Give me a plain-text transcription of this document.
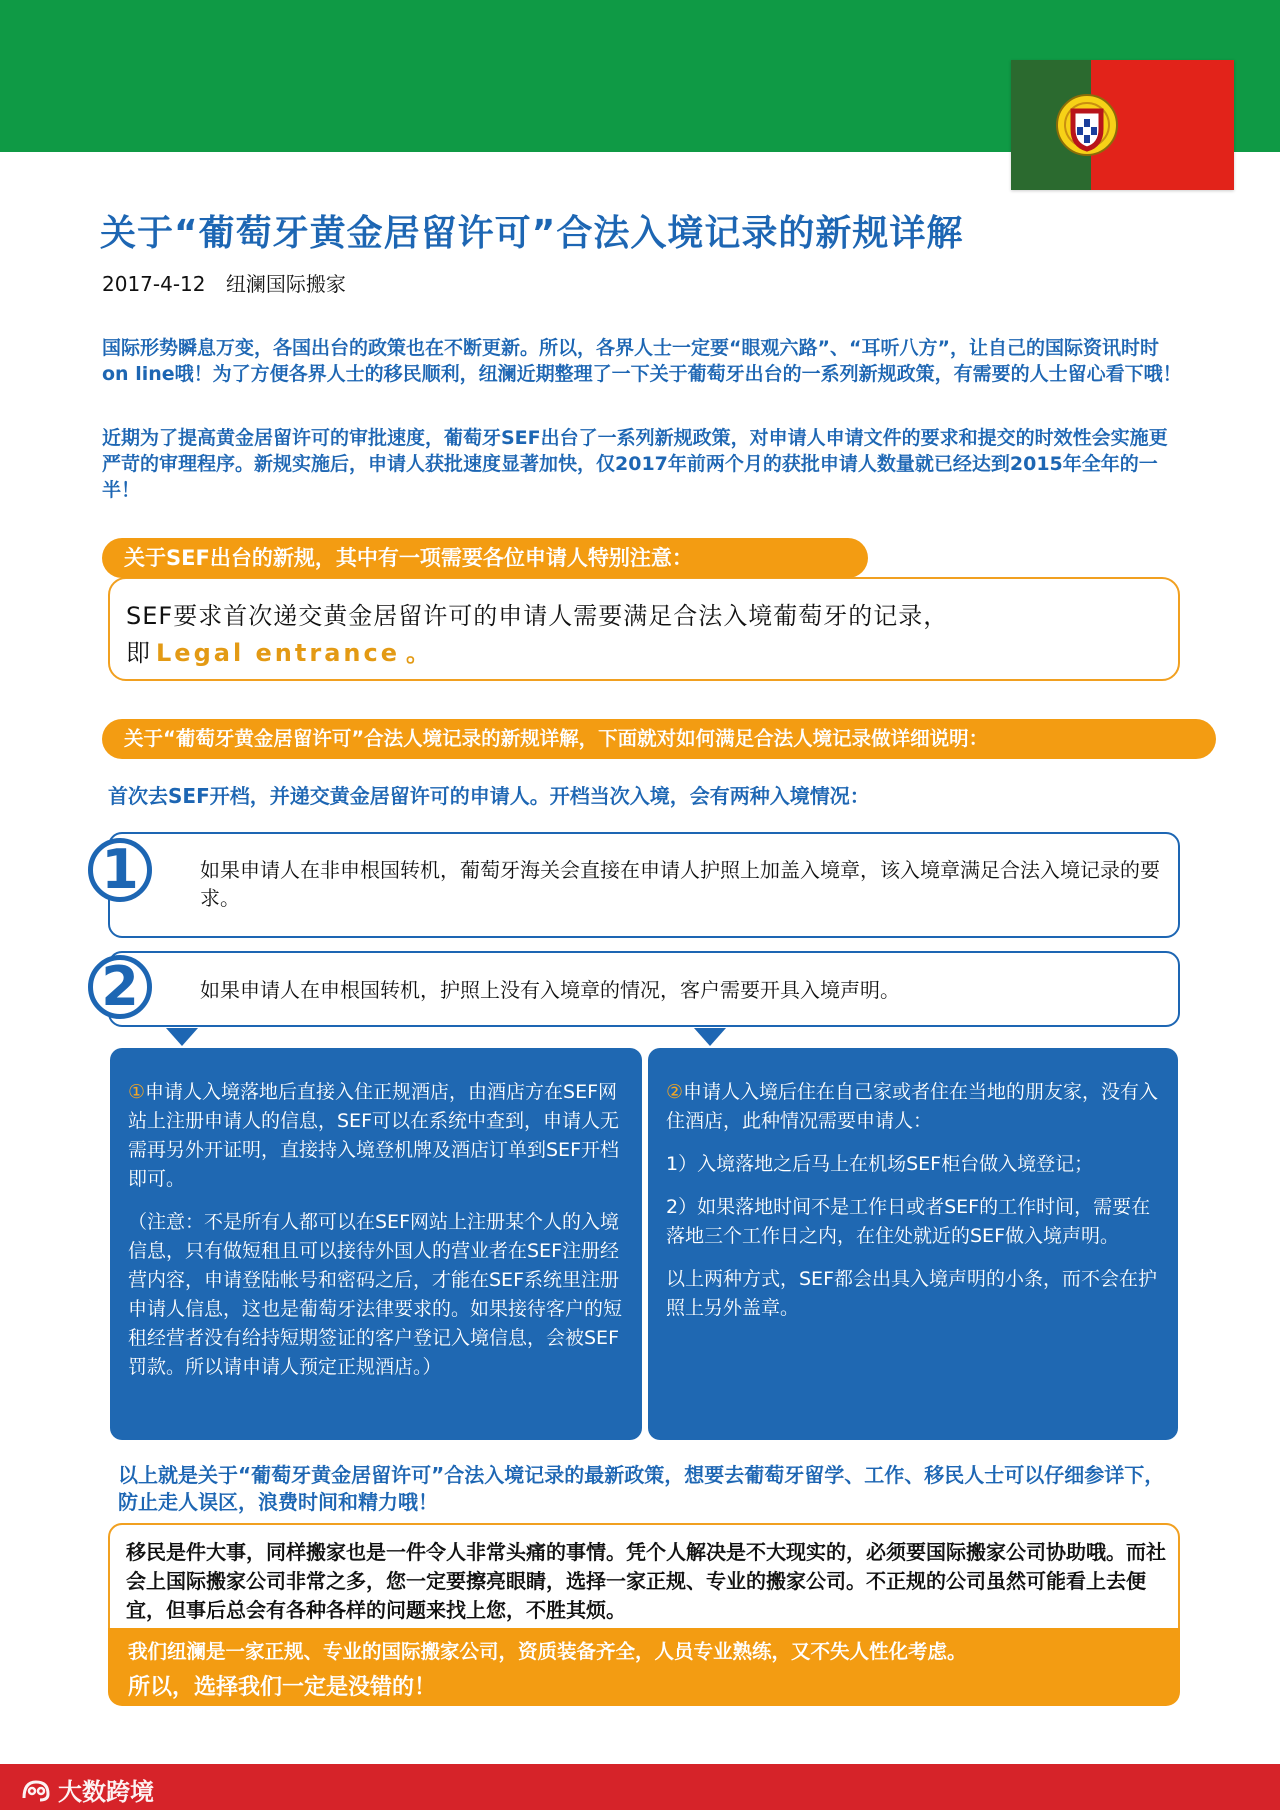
关于“葡萄牙黄金居留许可”合法入境记录的新规详解
2017-4-12 纽澜国际搬家
国际形势瞬息万变，各国出台的政策也在不断更新。所以，各界人士一定要“眼观六路”、“耳听八方”，让自己的国际资讯时时on line哦！为了方便各界人士的移民顺利，纽澜近期整理了一下关于葡萄牙出台的一系列新规政策，有需要的人士留心看下哦！
近期为了提高黄金居留许可的审批速度，葡萄牙SEF出台了一系列新规政策，对申请人申请文件的要求和提交的时效性会实施更严苛的审理程序。新规实施后，申请人获批速度显著加快，仅2017年前两个月的获批申请人数量就已经达到2015年全年的一半！
关于SEF出台的新规，其中有一项需要各位申请人特别注意：
SEF要求首次递交黄金居留许可的申请人需要满足合法入境葡萄牙的记录，
即 Legal entrance 。
关于“葡萄牙黄金居留许可”合法人境记录的新规详解，下面就对如何满足合法人境记录做详细说明：
首次去SEF开档，并递交黄金居留许可的申请人。开档当次入境，会有两种入境情况：
1	如果申请人在非申根国转机，葡萄牙海关会直接在申请人护照上加盖入境章，该入境章满足合法入境记录的要求。
2	如果申请人在申根国转机，护照上没有入境章的情况，客户需要开具入境声明。

①申请人入境落地后直接入住正规酒店，由酒店方在SEF网站上注册申请人的信息，SEF可以在系统中查到，申请人无需再另外开证明，直接持入境登机牌及酒店订单到SEF开档即可。

（注意：不是所有人都可以在SEF网站上注册某个人的入境信息，只有做短租且可以接待外国人的营业者在SEF注册经营内容，申请登陆帐号和密码之后，才能在SEF系统里注册申请人信息，这也是葡萄牙法律要求的。如果接待客户的短租经营者没有给持短期签证的客户登记入境信息，会被SEF罚款。所以请申请人预定正规酒店。）

②申请人入境后住在自己家或者住在当地的朋友家，没有入住酒店，此种情况需要申请人：

1）入境落地之后马上在机场SEF柜台做入境登记；

2）如果落地时间不是工作日或者SEF的工作时间，需要在落地三个工作日之内，在住处就近的SEF做入境声明。

以上两种方式，SEF都会出具入境声明的小条，而不会在护照上另外盖章。

以上就是关于“葡萄牙黄金居留许可”合法入境记录的最新政策，想要去葡萄牙留学、工作、移民人士可以仔细参详下，防止走人误区，浪费时间和精力哦！
移民是件大事，同样搬家也是一件令人非常头痛的事情。凭个人解决是不大现实的，必须要国际搬家公司协助哦。而社会上国际搬家公司非常之多，您一定要擦亮眼睛，选择一家正规、专业的搬家公司。不正规的公司虽然可能看上去便宜，但事后总会有各种各样的问题来找上您，不胜其烦。
我们纽澜是一家正规、专业的国际搬家公司，资质装备齐全，人员专业熟练，又不失人性化考虑。
所以，选择我们一定是没错的！
大数跨境
